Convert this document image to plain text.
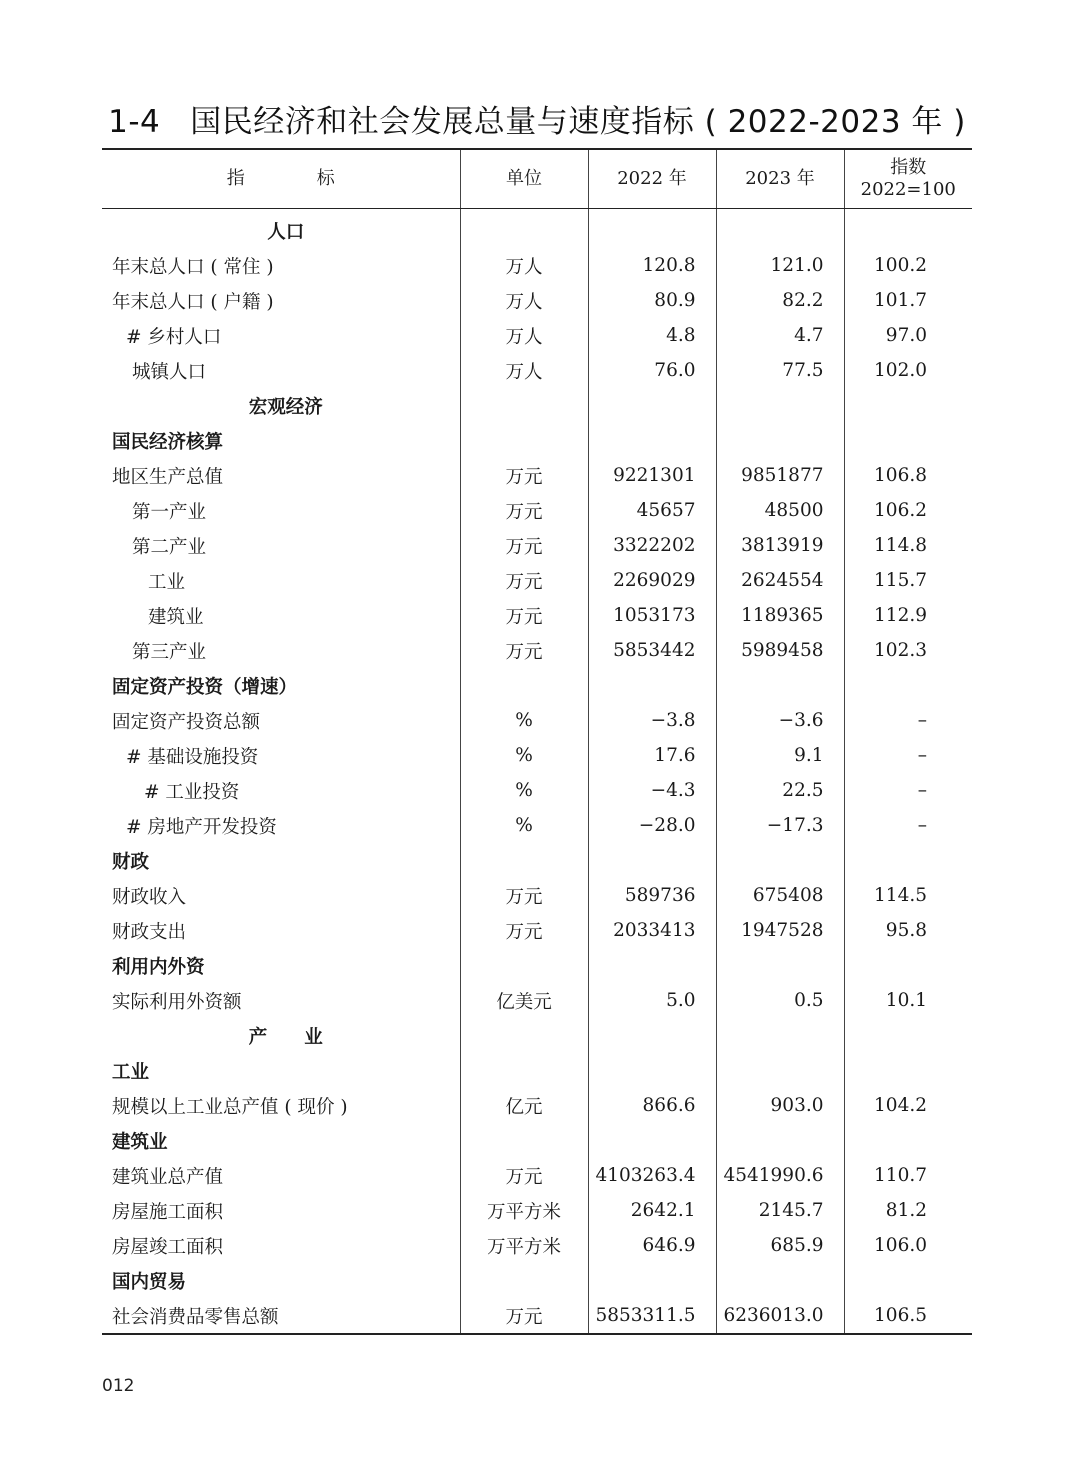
1-4 国民经济和社会发展总量与速度指标 ( 2022-2023 年 )
指　　　　标	单位	2022 年	2023 年	指数
2022=100

人口				
年末总人口 ( 常住 )	万人	120.8	121.0	100.2
年末总人口 ( 户籍 )	万人	80.9	82.2	101.7
# 乡村人口	万人	4.8	4.7	97.0
城镇人口	万人	76.0	77.5	102.0
宏观经济				
国民经济核算				
地区生产总值	万元	9221301	9851877	106.8
第一产业	万元	45657	48500	106.2
第二产业	万元	3322202	3813919	114.8
工业	万元	2269029	2624554	115.7
建筑业	万元	1053173	1189365	112.9
第三产业	万元	5853442	5989458	102.3
固定资产投资（增速）				
固定资产投资总额	%	−3.8	−3.6	–
# 基础设施投资	%	17.6	9.1	–
# 工业投资	%	−4.3	22.5	–
# 房地产开发投资	%	−28.0	−17.3	–
财政				
财政收入	万元	589736	675408	114.5
财政支出	万元	2033413	1947528	95.8
利用内外资				
实际利用外资额	亿美元	5.0	0.5	10.1
产　　业				
工业				
规模以上工业总产值 ( 现价 )	亿元	866.6	903.0	104.2
建筑业				
建筑业总产值	万元	4103263.4	4541990.6	110.7
房屋施工面积	万平方米	2642.1	2145.7	81.2
房屋竣工面积	万平方米	646.9	685.9	106.0
国内贸易				
社会消费品零售总额	万元	5853311.5	6236013.0	106.5
012
